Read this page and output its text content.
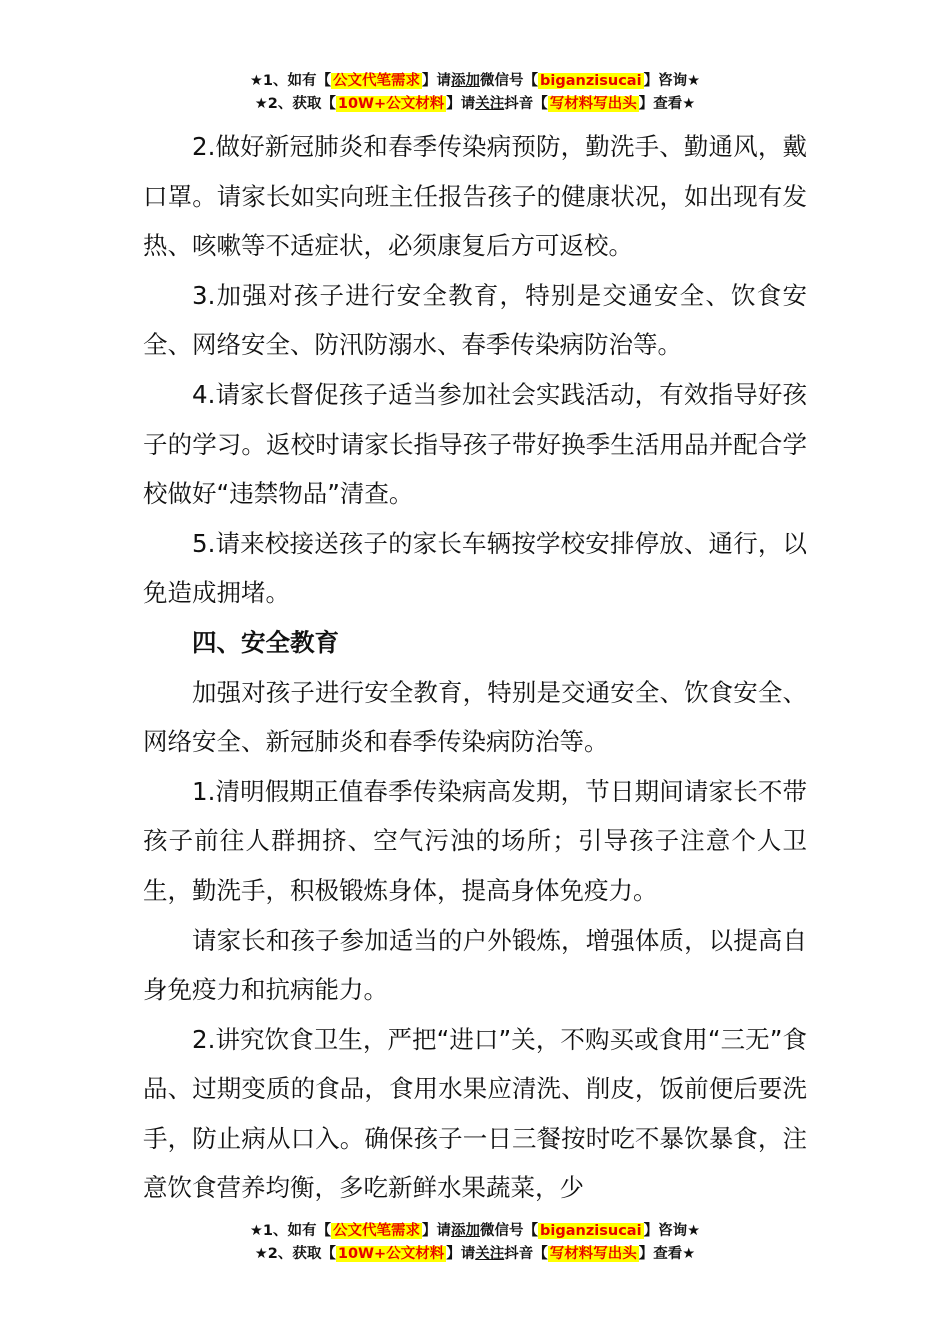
★1、如有【 公文代笔需求 】请添加微信号【 biganzisucai 】咨询★
★2、获取【 10W+公文材料 】请关注抖音【 写材料写出头 】查看★

2.做好新冠肺炎和春季传染病预防，勤洗手、勤通风，戴口罩。请家长如实向班主任报告孩子的健康状况，如出现有发热、咳嗽等不适症状，必须康复后方可返校。

3.加强对孩子进行安全教育，特别是交通安全、饮食安全、网络安全、防汛防溺水、春季传染病防治等。

4.请家长督促孩子适当参加社会实践活动，有效指导好孩子的学习。返校时请家长指导孩子带好换季生活用品并配合学校做好“违禁物品”清查。

5.请来校接送孩子的家长车辆按学校安排停放、通行，以免造成拥堵。

四、安全教育

加强对孩子进行安全教育，特别是交通安全、饮食安全、网络安全、新冠肺炎和春季传染病防治等。

1.清明假期正值春季传染病高发期，节日期间请家长不带孩子前往人群拥挤、空气污浊的场所；引导孩子注意个人卫生，勤洗手，积极锻炼身体，提高身体免疫力。

请家长和孩子参加适当的户外锻炼，增强体质，以提高自身免疫力和抗病能力。

2.讲究饮食卫生，严把“进口”关，不购买或食用“三无”食品、过期变质的食品，食用水果应清洗、削皮，饭前便后要洗手，防止病从口入。确保孩子一日三餐按时吃不暴饮暴食，注意饮食营养均衡，多吃新鲜水果蔬菜，少

★1、如有【 公文代笔需求 】请添加微信号【 biganzisucai 】咨询★
★2、获取【 10W+公文材料 】请关注抖音【 写材料写出头 】查看★
